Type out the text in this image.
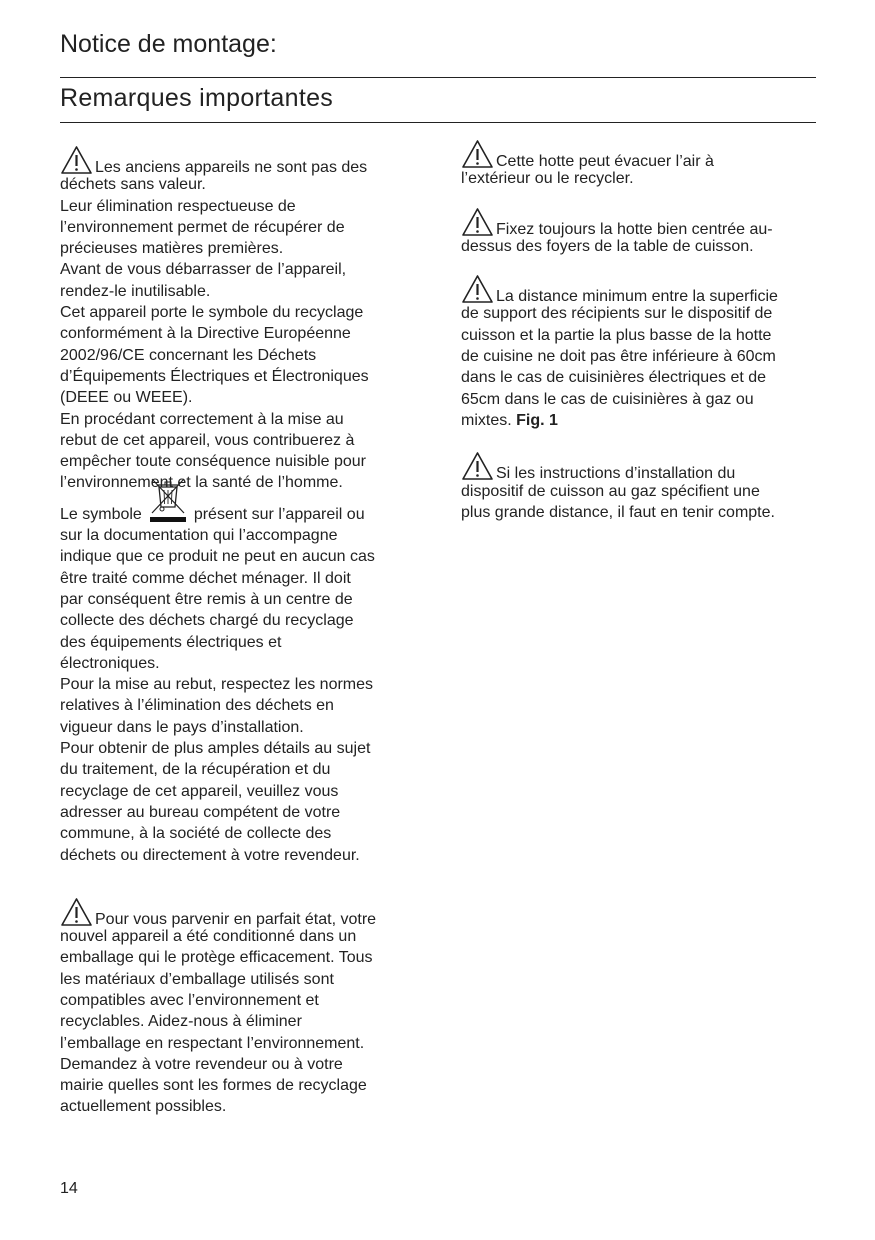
Notice de montage:
Remarques importantes

Les anciens appareils ne sont pas des

déchets sans valeur.
Leur élimination respectueuse de
l’environnement permet de récupérer de
précieuses matières premières.
Avant de vous débarrasser de l’appareil,
rendez-le inutilisable.
Cet appareil porte le symbole du recyclage
conformément à la Directive Européenne
2002/96/CE concernant les Déchets
d’Équipements Électriques et Électroniques
(DEEE ou WEEE).
En procédant correctement à la mise au
rebut de cet appareil, vous contribuerez à
empêcher toute conséquence nuisible pour
l’environnement et la santé de l’homme.

Le symbole	présent sur l’appareil ou

sur la documentation qui l’accompagne
indique que ce produit ne peut en aucun cas
être traité comme déchet ménager. Il doit
par conséquent être remis à un centre de
collecte des déchets chargé du recyclage
des équipements électriques et
électroniques.
Pour la mise au rebut, respectez les normes
relatives à l’élimination des déchets en
vigueur dans le pays d’installation.
Pour obtenir de plus amples détails au sujet
du traitement, de la récupération et du
recyclage de cet appareil, veuillez vous
adresser au bureau compétent de votre
commune, à la société de collecte des
déchets ou directement à votre revendeur.

Pour vous parvenir en parfait état, votre

nouvel appareil a été conditionné dans un
emballage qui le protège efficacement. Tous
les matériaux d’emballage utilisés sont
compatibles avec l’environnement et
recyclables. Aidez-nous à éliminer
l’emballage en respectant l’environnement.
Demandez à votre revendeur ou à votre
mairie quelles sont les formes de recyclage
actuellement possibles.

Cette hotte peut évacuer l’air à

l’extérieur ou le recycler.

Fixez toujours la hotte bien centrée au-

dessus des foyers de la table de cuisson.

La distance minimum entre la superficie

de support des récipients sur le dispositif de
cuisson et la partie la plus basse de la hotte
de cuisine ne doit pas être inférieure à 60cm
dans le cas de cuisinières électriques et de
65cm dans le cas de cuisinières à gaz ou
mixtes. Fig. 1

Si les instructions d’installation du

dispositif de cuisson au gaz spécifient une
plus grande distance, il faut en tenir compte.

14
